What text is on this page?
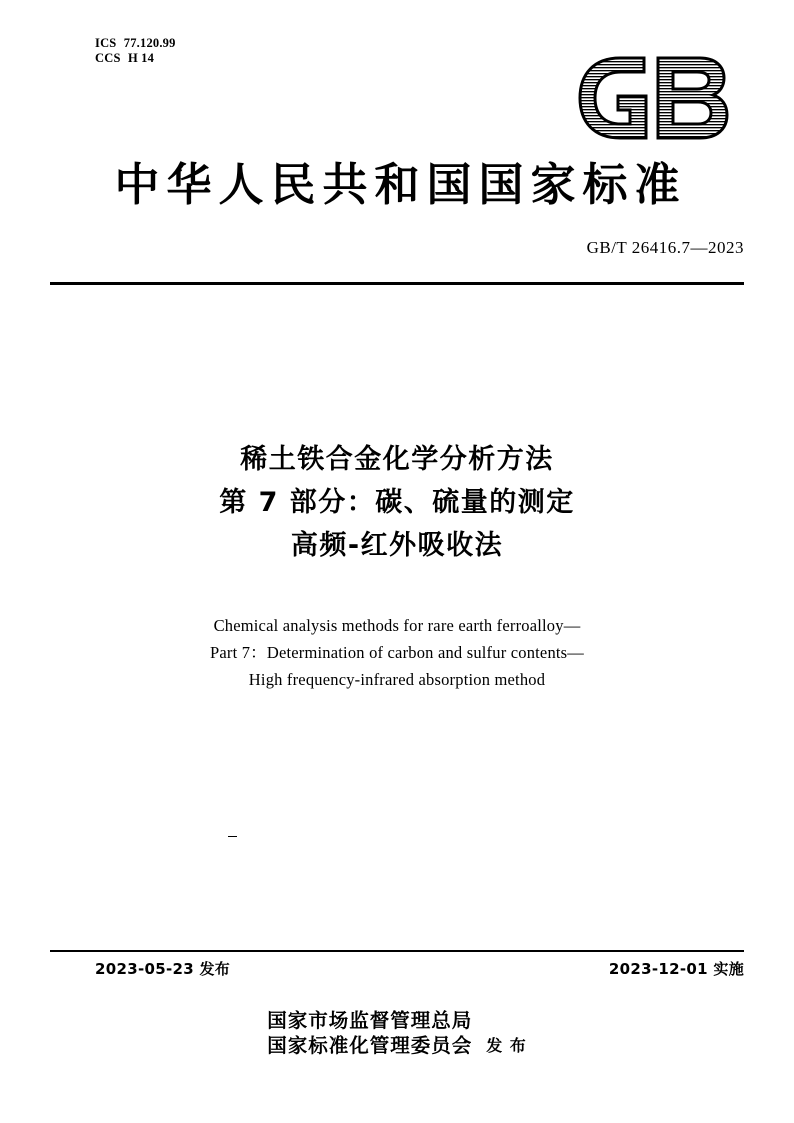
ICS 77.120.99
CCS H 14
中华人民共和国国家标准
GB/T 26416.7—2023
稀土铁合金化学分析方法
第 7 部分：碳、硫量的测定
高频-红外吸收法
Chemical analysis methods for rare earth ferroalloy—
Part 7：Determination of carbon and sulfur contents—
High frequency-infrared absorption method
2023-05-23 发布	2023-12-01 实施
国家市场监督管理总局
国家标准化管理委员会 发 布
